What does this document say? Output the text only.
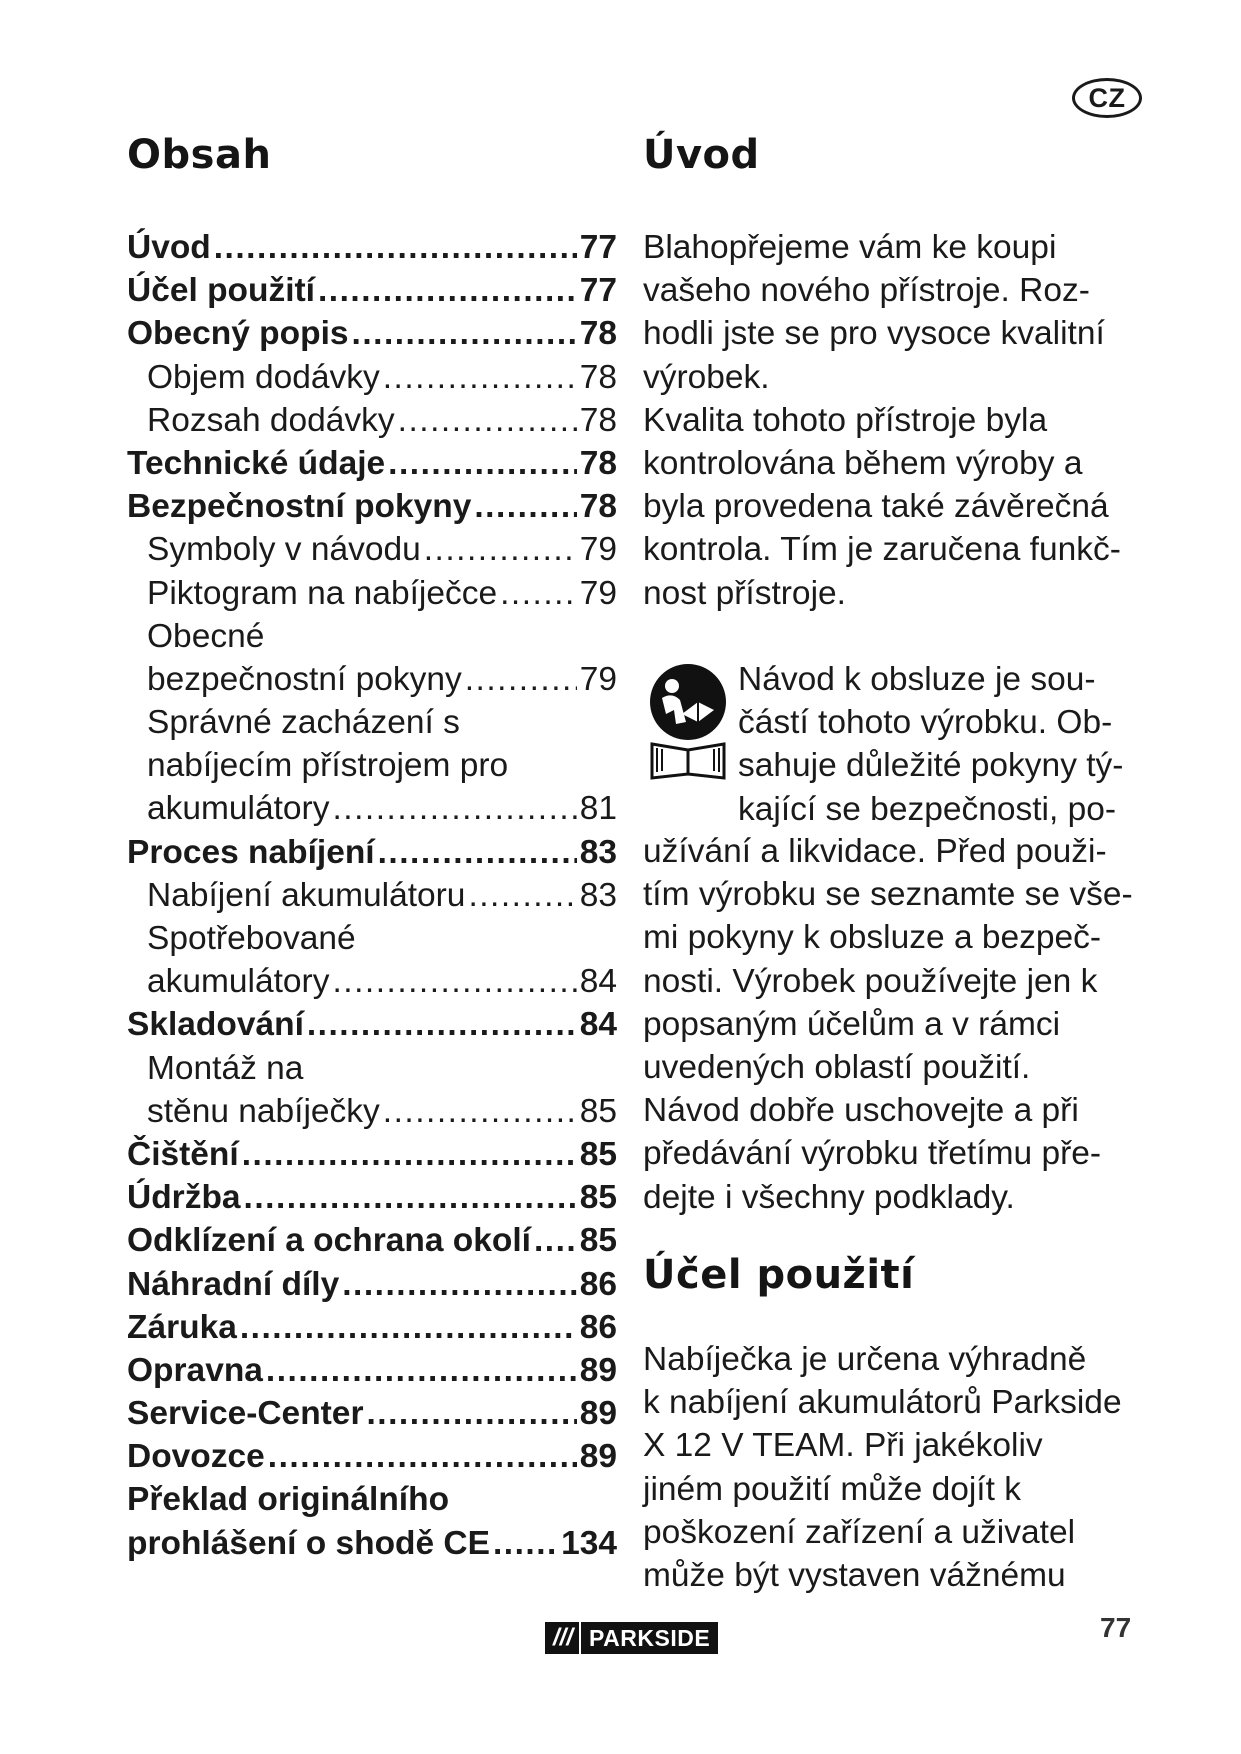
CZ
Obsah	Úvod
Úvod .....	77
Účel použití .....	77
Obecný popis .....	78
Objem dodávky .....	78
Rozsah dodávky .....	78
Technické údaje .....	78
Bezpečnostní pokyny .....	78
Symboly v návodu .....	79
Piktogram na nabíječce ..... 79
Obecné
bezpečnostní pokyny .....	79
Správné zacházení s
nabíjecím přístrojem pro
akumulátory .....	81
Proces nabíjení .....	83
Nabíjení akumulátoru .....	83
Spotřebované
akumulátory .....	84
Skladování .....	84
Montáž na
stěnu nabíječky .....	85
Čištění .....	85
Údržba .....	85
Odklízení a ochrana okolí ..... 85
Náhradní díly .....	86
Záruka .....	86
Opravna .....	89
Service-Center .....	89
Dovozce .....	89
Překlad originálního
prohlášení o shodě CE ..... 134
Blahopřejeme vám ke koupi
vašeho nového přístroje. Roz-
hodli jste se pro vysoce kvalitní
výrobek.
Kvalita tohoto přístroje byla
kontrolována během výroby a
byla provedena také závěrečná
kontrola. Tím je zaručena funkč-
nost přístroje.
Návod k obsluze je sou-
částí tohoto výrobku. Ob-
sahuje důležité pokyny tý-
kající se bezpečnosti, po-
užívání a likvidace. Před použi-
tím výrobku se seznamte se vše-
mi pokyny k obsluze a bezpeč-
nosti. Výrobek používejte jen k
popsaným účelům a v rámci
uvedených oblastí použití.
Návod dobře uschovejte a při
předávání výrobku třetímu pře-
dejte i všechny podklady.
Účel použití
Nabíječka je určena výhradně
k nabíjení akumulátorů Parkside
X 12 V TEAM. Při jakékoliv
jiném použití může dojít k
poškození zařízení a uživatel
může být vystaven vážnému
/// PARKSIDE	77
